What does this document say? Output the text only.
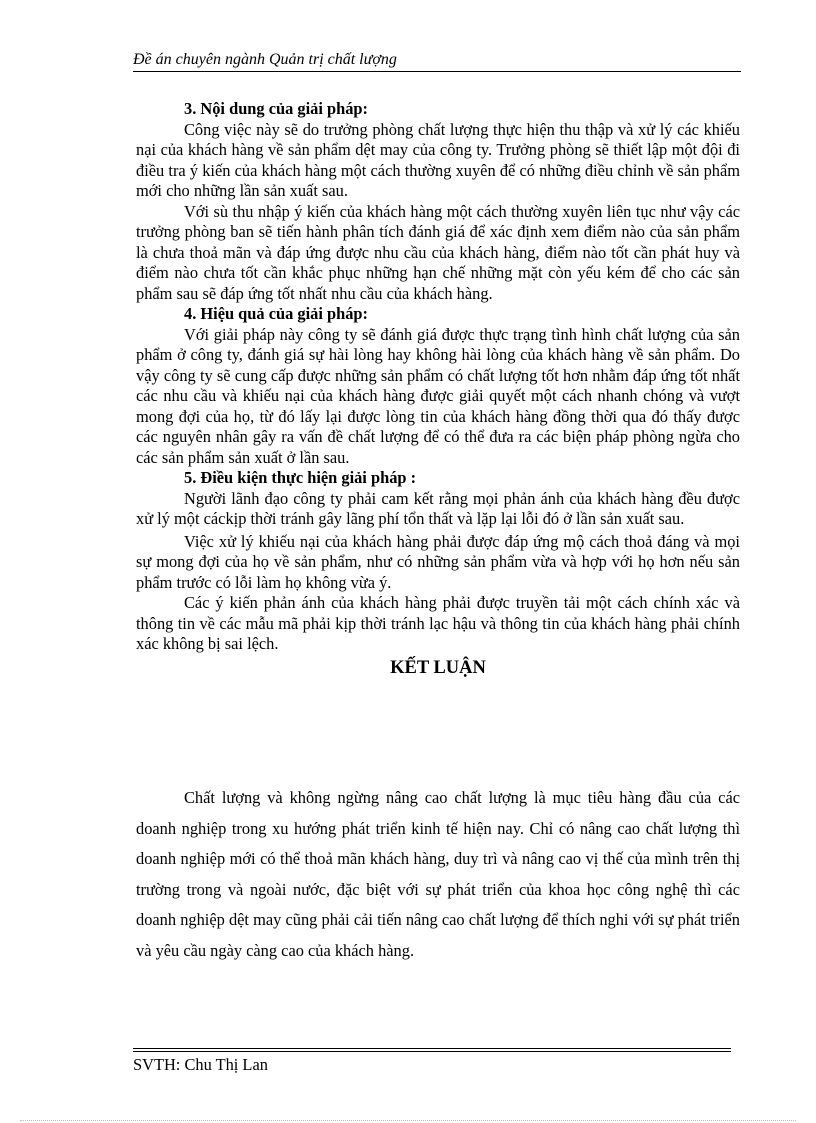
Đề án chuyên ngành Quản trị chất lượng
3. Nội dung của giải pháp:

Công việc này sẽ do trưởng phòng chất lượng thực hiện thu thập và xử lý các khiếu nại của khách hàng về sản phẩm dệt may của công ty. Trưởng phòng sẽ thiết lập một đội đi điều tra ý kiến của khách hàng một cách thường xuyên để có những điều chỉnh về sản phẩm mới cho những lần sản xuất sau.

Với sù thu nhập ý kiến của khách hàng một cách thường xuyên liên tục như vậy các trưởng phòng ban sẽ tiến hành phân tích đánh giá để xác định xem điểm nào của sản phẩm là chưa thoả mãn và đáp ứng được nhu cầu của khách hàng, điểm nào tốt cần phát huy và điểm nào chưa tốt cần khắc phục những hạn chế những mặt còn yếu kém để cho các sản phẩm sau sẽ đáp ứng tốt nhất nhu cầu của khách hàng.

4. Hiệu quả của giải pháp:

Với giải pháp này công ty sẽ đánh giá được thực trạng tình hình chất lượng của sản phẩm ở công ty, đánh giá sự hài lòng hay không hài lòng của khách hàng về sản phẩm. Do vậy công ty sẽ cung cấp được những sản phẩm có chất lượng tốt hơn nhằm đáp ứng tốt nhất các nhu cầu và khiếu nại của khách hàng được giải quyết một cách nhanh chóng và vượt mong đợi của họ, từ đó lấy lại được lòng tin của khách hàng đồng thời qua đó thấy được các nguyên nhân gây ra vấn đề chất lượng để có thể đưa ra các biện pháp phòng ngừa cho các sản phẩm sản xuất ở lần sau.

5. Điều kiện thực hiện giải pháp :

Người lãnh đạo công ty phải cam kết rằng mọi phản ánh của khách hàng đều được xử lý một cáckịp thời tránh gây lãng phí tổn thất và lặp lại lỗi đó ở lần sản xuất sau.

Việc xử lý khiếu nại của khách hàng phải được đáp ứng mộ cách thoả đáng và mọi sự mong đợi của họ về sản phẩm, như có những sản phẩm vừa và hợp với họ hơn nếu sản phẩm trước có lỗi làm họ không vừa ý.

Các ý kiến phản ánh của khách hàng phải được truyền tải một cách chính xác và thông tin về các mẫu mã phải kịp thời tránh lạc hậu và thông tin của khách hàng phải chính xác không bị sai lệch.

KẾT LUẬN

Chất lượng và không ngừng nâng cao chất lượng là mục tiêu hàng đầu của các doanh nghiệp trong xu hướng phát triển kinh tế hiện nay. Chỉ có nâng cao chất lượng thì doanh nghiệp mới có thể thoả mãn khách hàng, duy trì và nâng cao vị thế của mình trên thị trường trong và ngoài nước, đặc biệt với sự phát triển của khoa học công nghệ thì các doanh nghiệp dệt may cũng phải cải tiến nâng cao chất lượng để thích nghi với sự phát triển và yêu cầu ngày càng cao của khách hàng.

SVTH: Chu Thị Lan
